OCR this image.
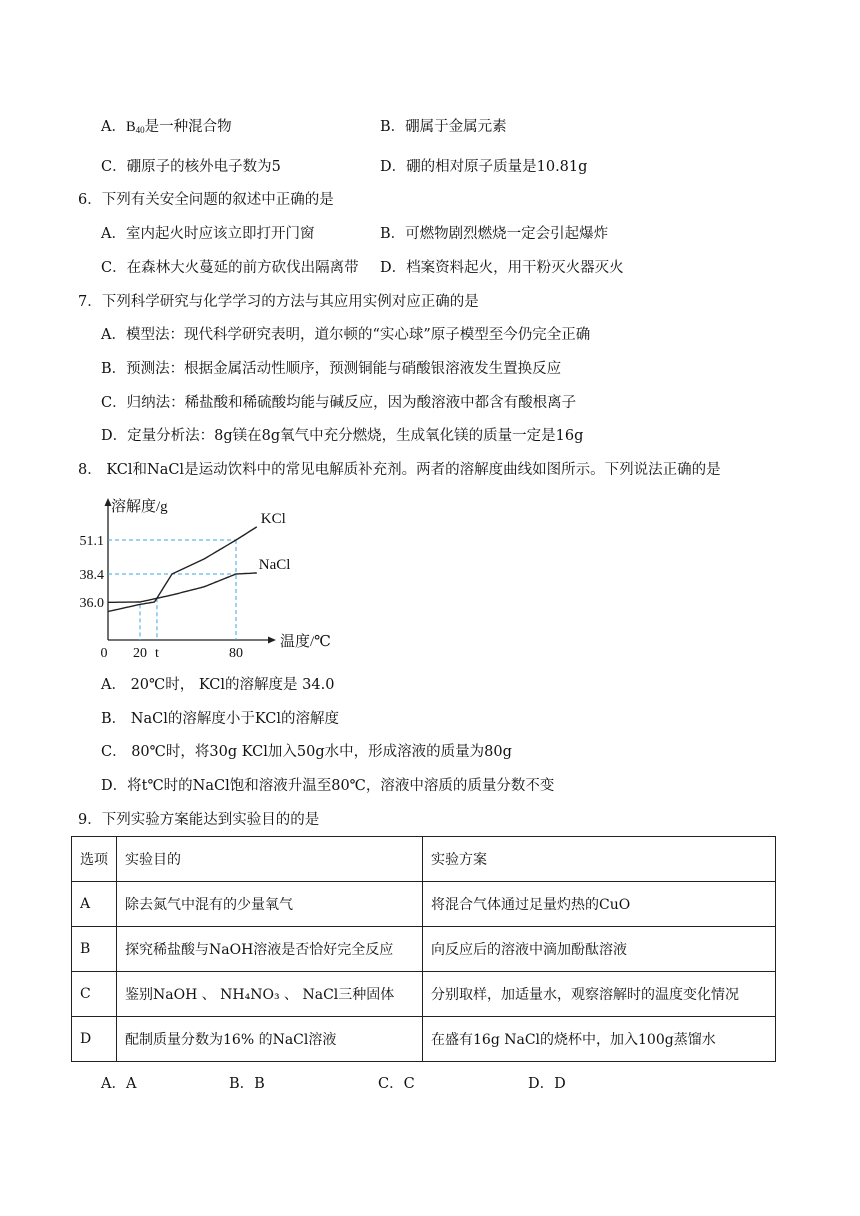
A．$B_{40}$是一种混合物	B．硼属于金属元素
C．硼原子的核外电子数为5	D．硼的相对原子质量是10.81g
6．下列有关安全问题的叙述中正确的是
A．室内起火时应该立即打开门窗	B．可燃物剧烈燃烧一定会引起爆炸
C．在森林大火蔓延的前方砍伐出隔离带 D．档案资料起火，用干粉灭火器灭火
7．下列科学研究与化学学习的方法与其应用实例对应正确的是
A．模型法：现代科学研究表明，道尔顿的“实心球”原子模型至今仍完全正确
B．预测法：根据金属活动性顺序，预测铜能与硝酸银溶液发生置换反应
C．归纳法：稀盐酸和稀硫酸均能与碱反应，因为酸溶液中都含有酸根离子
D．定量分析法：8g镁在8g氧气中充分燃烧，生成氧化镁的质量一定是16g
8． KCl和NaCl是运动饮料中的常见电解质补充剂。两者的溶解度曲线如图所示。下列说法正确的是
溶解度/g
温度/℃
0 20 t	80
36.0
38.4
51.1
KCl
NaCl
A． 20℃时， KCl的溶解度是 34.0
B． NaCl的溶解度小于KCl的溶解度
C． 80℃时，将30g KCl加入50g水中，形成溶液的质量为80g
D．将t℃时的NaCl饱和溶液升温至80℃，溶液中溶质的质量分数不变
9．下列实验方案能达到实验目的的是
选项	实验目的	实验方案
A	除去氮气中混有的少量氧气	将混合气体通过足量灼热的CuO
B	探究稀盐酸与NaOH溶液是否恰好完全反应	向反应后的溶液中滴加酚酞溶液
C	鉴别NaOH 、 NH₄NO₃ 、 NaCl三种固体	分别取样，加适量水，观察溶解时的温度变化情况
D	配制质量分数为16% 的NaCl溶液	在盛有16g NaCl的烧杯中，加入100g蒸馏水
A．A	B．B	C．C	D．D
